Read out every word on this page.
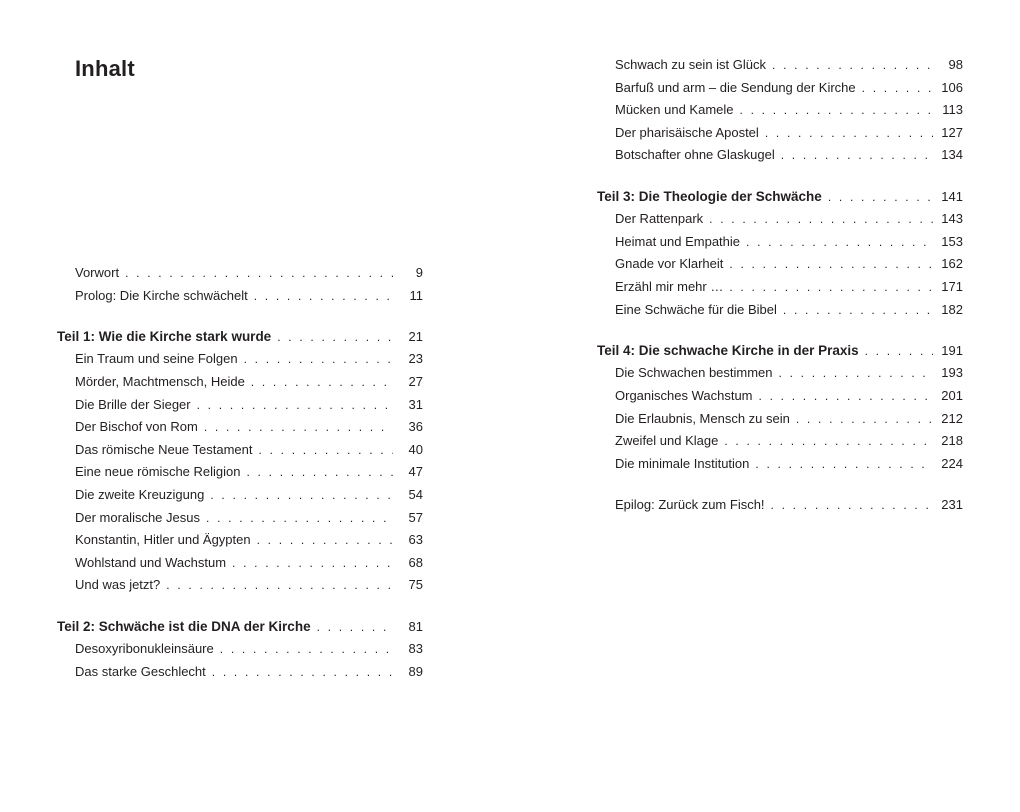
Inhalt
Vorwort . . .	9
Prolog: Die Kirche schwächelt . . .	11
Teil 1: Wie die Kirche stark wurde . . .	21
Ein Traum und seine Folgen . . .	23
Mörder, Machtmensch, Heide . . .	27
Die Brille der Sieger . . .	31
Der Bischof von Rom . . .	36
Das römische Neue Testament . . .	40
Eine neue römische Religion . . .	47
Die zweite Kreuzigung . . .	54
Der moralische Jesus . . .	57
Konstantin, Hitler und Ägypten . . .	63
Wohlstand und Wachstum . . .	68
Und was jetzt? . . .	75
Teil 2: Schwäche ist die DNA der Kirche . . .	81
Desoxyribonukleinsäure . . .	83
Das starke Geschlecht . . .	89
Schwach zu sein ist Glück . . .	98
Barfuß und arm – die Sendung der Kirche . . .	106
Mücken und Kamele . . .	113
Der pharisäische Apostel . . .	127
Botschafter ohne Glaskugel . . .	134
Teil 3: Die Theologie der Schwäche . . .	141
Der Rattenpark . . .	143
Heimat und Empathie . . .	153
Gnade vor Klarheit . . .	162
Erzähl mir mehr … . . .	171
Eine Schwäche für die Bibel . . .	182
Teil 4: Die schwache Kirche in der Praxis . . .	191
Die Schwachen bestimmen . . .	193
Organisches Wachstum . . .	201
Die Erlaubnis, Mensch zu sein . . .	212
Zweifel und Klage . . .	218
Die minimale Institution . . .	224
Epilog: Zurück zum Fisch! . . .	231
